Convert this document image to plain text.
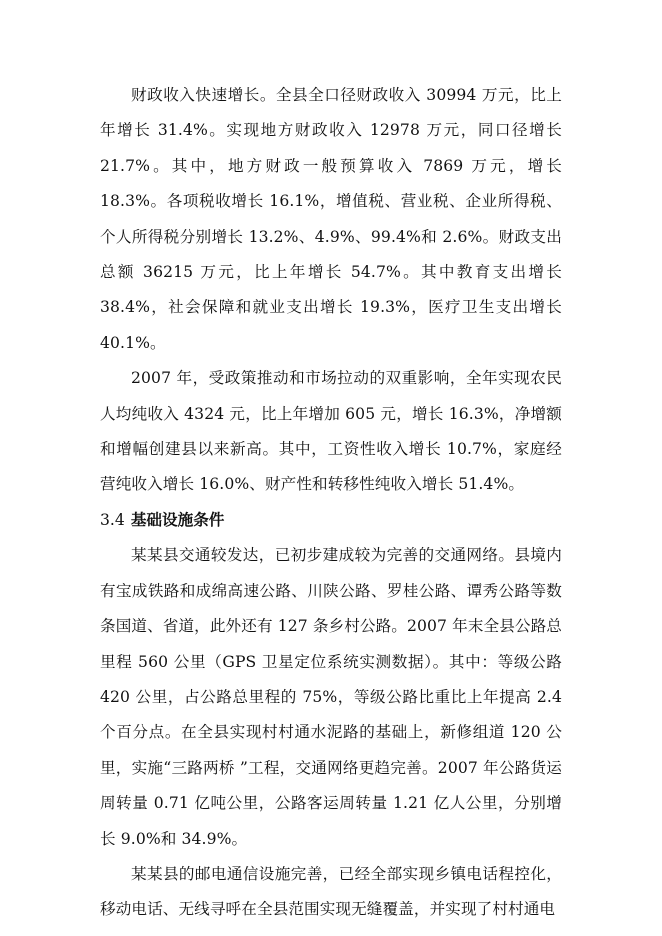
财政收入快速增长。全县全口径财政收入 30994 万元，比上年增长 31.4%。实现地方财政收入 12978 万元，同口径增长 21.7%。其中，地方财政一般预算收入 7869 万元，增长 18.3%。各项税收增长 16.1%，增值税、营业税、企业所得税、个人所得税分别增长 13.2%、4.9%、99.4%和 2.6%。财政支出总额 36215 万元，比上年增长 54.7%。其中教育支出增长 38.4%，社会保障和就业支出增长 19.3%，医疗卫生支出增长 40.1%。

2007 年，受政策推动和市场拉动的双重影响，全年实现农民人均纯收入 4324 元，比上年增加 605 元，增长 16.3%，净增额和增幅创建县以来新高。其中，工资性收入增长 10.7%，家庭经营纯收入增长 16.0%、财产性和转移性纯收入增长 51.4%。

3.4 基础设施条件

某某县交通较发达，已初步建成较为完善的交通网络。县境内有宝成铁路和成绵高速公路、川陕公路、罗桂公路、谭秀公路等数条国道、省道，此外还有 127 条乡村公路。2007 年末全县公路总里程 560 公里（GPS 卫星定位系统实测数据）。其中：等级公路 420 公里，占公路总里程的 75%，等级公路比重比上年提高 2.4 个百分点。在全县实现村村通水泥路的基础上，新修组道 120 公里，实施“三路两桥 ”工程，交通网络更趋完善。2007 年公路货运周转量 0.71 亿吨公里，公路客运周转量 1.21 亿人公里，分别增长 9.0%和 34.9%。

某某县的邮电通信设施完善，已经全部实现乡镇电话程控化，移动电话、无线寻呼在全县范围实现无缝覆盖，并实现了村村通电
